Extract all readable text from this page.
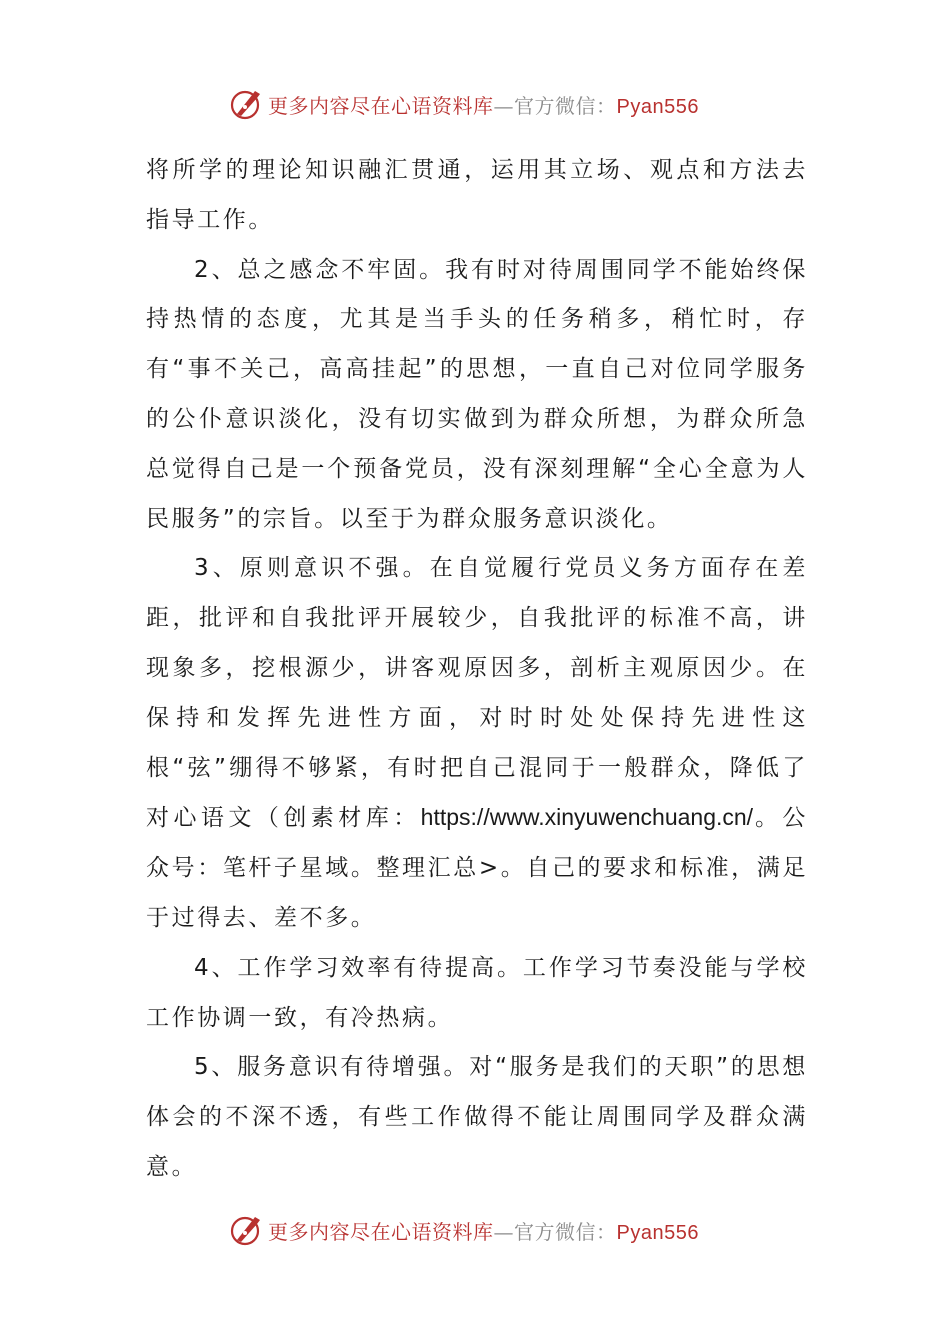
更多内容尽在心语资料库—官方微信：Pyan556

将所学的理论知识融汇贯通，运用其立场、观点和方法去指导工作。

2、总之感念不牢固。我有时对待周围同学不能始终保持热情的态度，尤其是当手头的任务稍多，稍忙时，存有“事不关己，高高挂起”的思想，一直自己对位同学服务的公仆意识淡化，没有切实做到为群众所想，为群众所急总觉得自己是一个预备党员，没有深刻理解“全心全意为人民服务”的宗旨。以至于为群众服务意识淡化。

3、原则意识不强。在自觉履行党员义务方面存在差距，批评和自我批评开展较少，自我批评的标准不高，讲现象多，挖根源少，讲客观原因多，剖析主观原因少。在保持和发挥先进性方面，对时时处处保持先进性这根“弦”绷得不够紧，有时把自己混同于一般群众，降低了对心语文（创素材库：https://www.xinyuwenchuang.cn/。公众号：笔杆子星域。整理汇总>。自己的要求和标准，满足于过得去、差不多。

4、工作学习效率有待提高。工作学习节奏没能与学校工作协调一致，有冷热病。

5、服务意识有待增强。对“服务是我们的天职”的思想体会的不深不透，有些工作做得不能让周围同学及群众满意。

更多内容尽在心语资料库—官方微信：Pyan556
